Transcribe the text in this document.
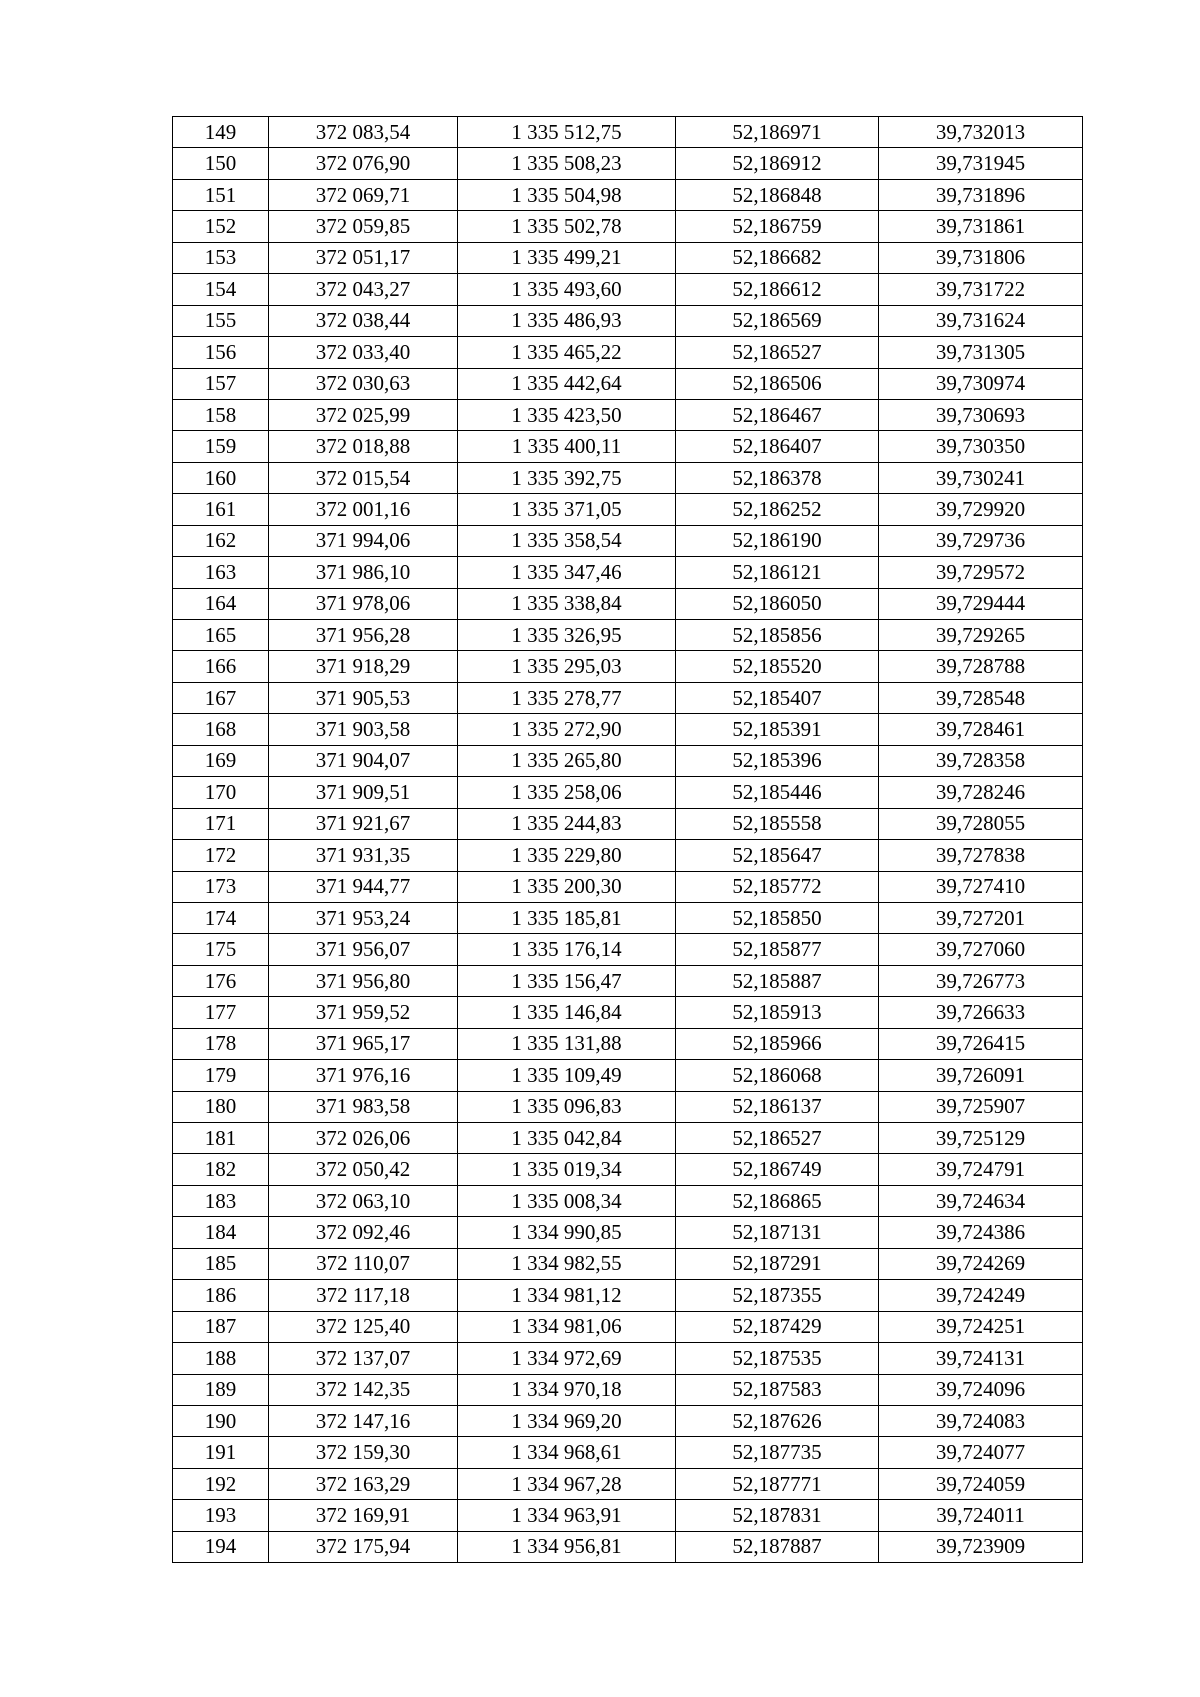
149	372 083,54	1 335 512,75	52,186971	39,732013
150	372 076,90	1 335 508,23	52,186912	39,731945
151	372 069,71	1 335 504,98	52,186848	39,731896
152	372 059,85	1 335 502,78	52,186759	39,731861
153	372 051,17	1 335 499,21	52,186682	39,731806
154	372 043,27	1 335 493,60	52,186612	39,731722
155	372 038,44	1 335 486,93	52,186569	39,731624
156	372 033,40	1 335 465,22	52,186527	39,731305
157	372 030,63	1 335 442,64	52,186506	39,730974
158	372 025,99	1 335 423,50	52,186467	39,730693
159	372 018,88	1 335 400,11	52,186407	39,730350
160	372 015,54	1 335 392,75	52,186378	39,730241
161	372 001,16	1 335 371,05	52,186252	39,729920
162	371 994,06	1 335 358,54	52,186190	39,729736
163	371 986,10	1 335 347,46	52,186121	39,729572
164	371 978,06	1 335 338,84	52,186050	39,729444
165	371 956,28	1 335 326,95	52,185856	39,729265
166	371 918,29	1 335 295,03	52,185520	39,728788
167	371 905,53	1 335 278,77	52,185407	39,728548
168	371 903,58	1 335 272,90	52,185391	39,728461
169	371 904,07	1 335 265,80	52,185396	39,728358
170	371 909,51	1 335 258,06	52,185446	39,728246
171	371 921,67	1 335 244,83	52,185558	39,728055
172	371 931,35	1 335 229,80	52,185647	39,727838
173	371 944,77	1 335 200,30	52,185772	39,727410
174	371 953,24	1 335 185,81	52,185850	39,727201
175	371 956,07	1 335 176,14	52,185877	39,727060
176	371 956,80	1 335 156,47	52,185887	39,726773
177	371 959,52	1 335 146,84	52,185913	39,726633
178	371 965,17	1 335 131,88	52,185966	39,726415
179	371 976,16	1 335 109,49	52,186068	39,726091
180	371 983,58	1 335 096,83	52,186137	39,725907
181	372 026,06	1 335 042,84	52,186527	39,725129
182	372 050,42	1 335 019,34	52,186749	39,724791
183	372 063,10	1 335 008,34	52,186865	39,724634
184	372 092,46	1 334 990,85	52,187131	39,724386
185	372 110,07	1 334 982,55	52,187291	39,724269
186	372 117,18	1 334 981,12	52,187355	39,724249
187	372 125,40	1 334 981,06	52,187429	39,724251
188	372 137,07	1 334 972,69	52,187535	39,724131
189	372 142,35	1 334 970,18	52,187583	39,724096
190	372 147,16	1 334 969,20	52,187626	39,724083
191	372 159,30	1 334 968,61	52,187735	39,724077
192	372 163,29	1 334 967,28	52,187771	39,724059
193	372 169,91	1 334 963,91	52,187831	39,724011
194	372 175,94	1 334 956,81	52,187887	39,723909
